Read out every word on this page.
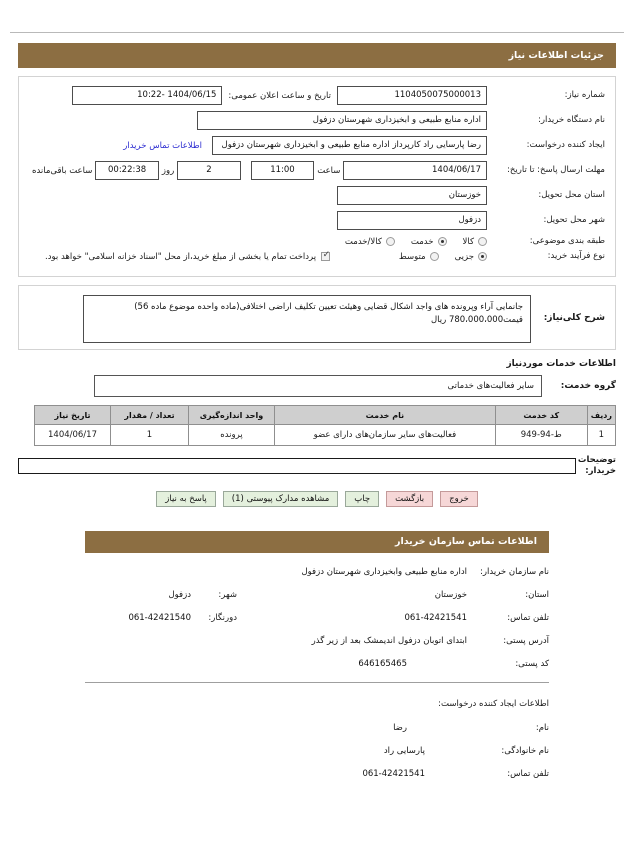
جزئیات اطلاعات نیاز
شماره نیاز:
1104050075000013
تاریخ و ساعت اعلان عمومی:
1404/06/15 -10:22
نام دستگاه خریدار:
اداره منابع طبیعی و ابخیزداری شهرستان دزفول
ایجاد کننده درخواست:
رضا پارسایی راد کارپرداز اداره منابع طبیعی و ابخیزداری شهرستان دزفول
اطلاعات تماس خریدار
مهلت ارسال پاسخ: تا تاریخ:
1404/06/17
ساعت
11:00
2
روز
00:22:38
ساعت باقی‌مانده
استان محل تحویل:
خوزستان
شهر محل تحویل:
دزفول
طبقه بندی موضوعی:
کالا
خدمت
کالا/خدمت
نوع فرآیند خرید:
جزیی
متوسط
✓
پرداخت تمام یا بخشی از مبلغ خرید،از محل "اسناد خزانه اسلامی" خواهد بود.
شرح کلی‌نیاز:
جانمایی آراء وپرونده های واجد اشکال قضایی وهیئت تعیین تکلیف اراضی اختلافی(ماده واحده موضوع ماده 56)
قیمت780،000،000 ریال
اطلاعات خدمات موردنیاز
گروه خدمت:
سایر فعالیت‌های خدماتی
ردیف	کد خدمت	نام خدمت	واحد اندازه‌گیری	تعداد / مقدار	تاریخ نیاز
1	ط-94-949	فعالیت‌های سایر سازمان‌های دارای عضو	پرونده	1	1404/06/17
توضیحات خریدار:
خروج
بازگشت
چاپ
مشاهده مدارک پیوستی (1)
پاسخ به نیاز
اطلاعات تماس سازمان خریدار
نام سازمان خریدار:
اداره منابع طبیعی وابخیزداری شهرستان دزفول
استان:
خوزستان
شهر:
دزفول
تلفن تماس:
061-42421541
دورنگار:
061-42421540
آدرس پستی:
ابتدای اتوبان دزفول اندیمشک بعد از زیر گذر
کد پستی:
646165465
اطلاعات ایجاد کننده درخواست:
نام:
رضا
نام خانوادگی:
پارسایی راد
تلفن تماس:
061-42421541
